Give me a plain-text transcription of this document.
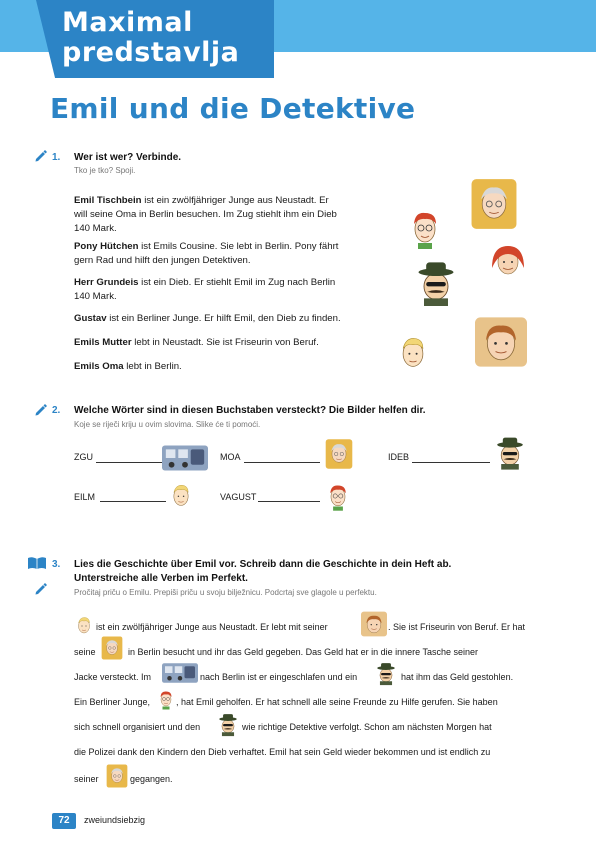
Maximal
predstavlja
Emil und die Detektive
1. Wer ist wer? Verbinde.
Tko je tko? Spoji.
Emil Tischbein ist ein zwölfjähriger Junge aus Neustadt. Er
will seine Oma in Berlin besuchen. Im Zug stiehlt ihm ein Dieb
140 Mark.
Pony Hütchen ist Emils Cousine. Sie lebt in Berlin. Pony fährt
gern Rad und hilft den jungen Detektiven.
Herr Grundeis ist ein Dieb. Er stiehlt Emil im Zug nach Berlin
140 Mark.
Gustav ist ein Berliner Junge. Er hilft Emil, den Dieb zu finden.
Emils Mutter lebt in Neustadt. Sie ist Friseurin von Beruf.
Emils Oma lebt in Berlin.
2. Welche Wörter sind in diesen Buchstaben versteckt? Die Bilder helfen dir.
Koje se riječi kriju u ovim slovima. Slike će ti pomoći.
ZGU	MOA	IDEB
EILM	VAGUST
3. Lies die Geschichte über Emil vor. Schreib dann die Geschichte in dein Heft ab.
Unterstreiche alle Verben im Perfekt.
Pročitaj priču o Emilu. Prepiši priču u svoju bilježnicu. Podcrtaj sve glagole u perfektu.
ist ein zwölfjähriger Junge aus Neustadt. Er lebt mit seiner	. Sie ist Friseurin von Beruf. Er hat
seine	in Berlin besucht und ihr das Geld gegeben. Das Geld hat er in die innere Tasche seiner
Jacke versteckt. Im	nach Berlin ist er eingeschlafen und ein	hat ihm das Geld gestohlen.
Ein Berliner Junge,	, hat Emil geholfen. Er hat schnell alle seine Freunde zu Hilfe gerufen. Sie haben
sich schnell organisiert und den	wie richtige Detektive verfolgt. Schon am nächsten Morgen hat
die Polizei dank den Kindern den Dieb verhaftet. Emil hat sein Geld wieder bekommen und ist endlich zu
seiner	gegangen.
72	zweiundsiebzig
